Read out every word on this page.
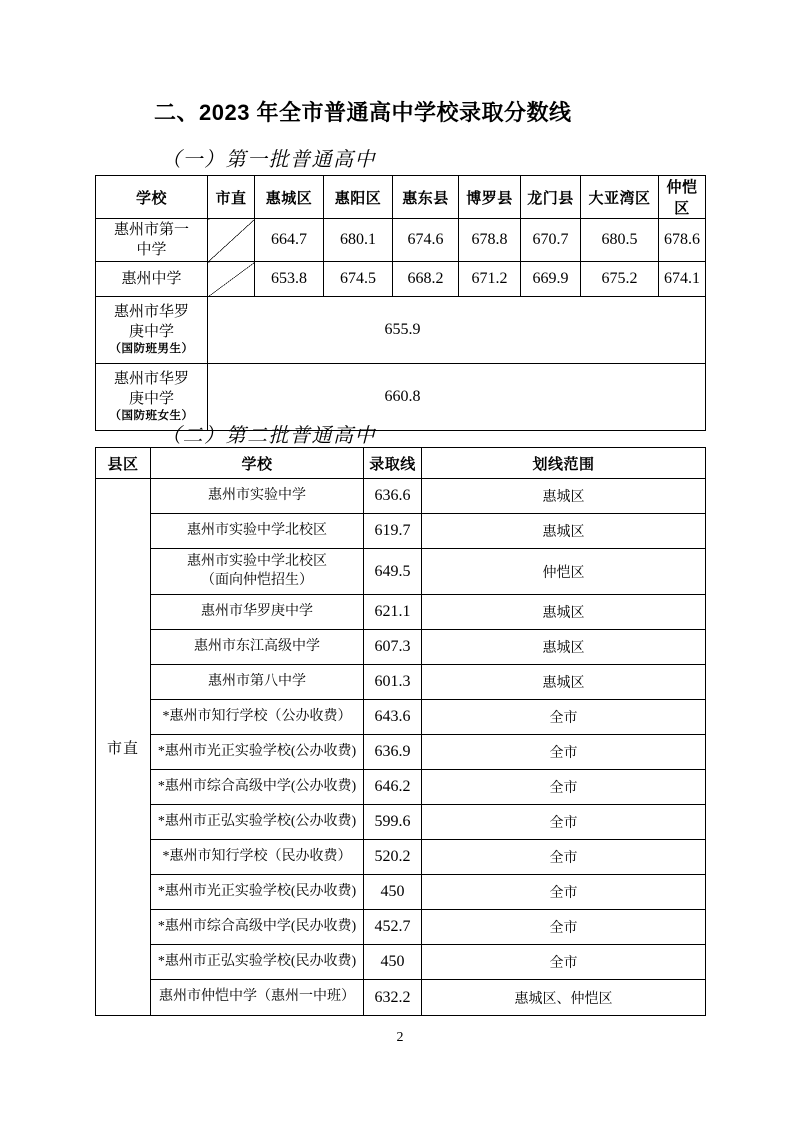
二、2023 年全市普通高中学校录取分数线
（一）第一批普通高中
学校	市直	惠城区	惠阳区	惠东县	博罗县	龙门县	大亚湾区	仲恺区

惠州市第一
中学		664.7	680.1	674.6	678.8	670.7	680.5	678.6
惠州中学		653.8	674.5	668.2	671.2	669.9	675.2	674.1

惠州市华罗
庚中学
（国防班男生）	655.9							

惠州市华罗
庚中学
（国防班女生）	660.8							
（二）第二批普通高中
县区	学校	录取线	划线范围
市直	惠州市实验中学	636.6	惠城区
	惠州市实验中学北校区	619.7	惠城区

	惠州市实验中学北校区
（面向仲恺招生）	649.5	仲恺区
	惠州市华罗庚中学	621.1	惠城区
	惠州市东江高级中学	607.3	惠城区
	惠州市第八中学	601.3	惠城区
	*惠州市知行学校（公办收费）	643.6	全市
	*惠州市光正实验学校(公办收费)	636.9	全市
	*惠州市综合高级中学(公办收费)	646.2	全市
	*惠州市正弘实验学校(公办收费)	599.6	全市
	*惠州市知行学校（民办收费）	520.2	全市
	*惠州市光正实验学校(民办收费)	450	全市
	*惠州市综合高级中学(民办收费)	452.7	全市
	*惠州市正弘实验学校(民办收费)	450	全市
	惠州市仲恺中学（惠州一中班）	632.2	惠城区、仲恺区
2
